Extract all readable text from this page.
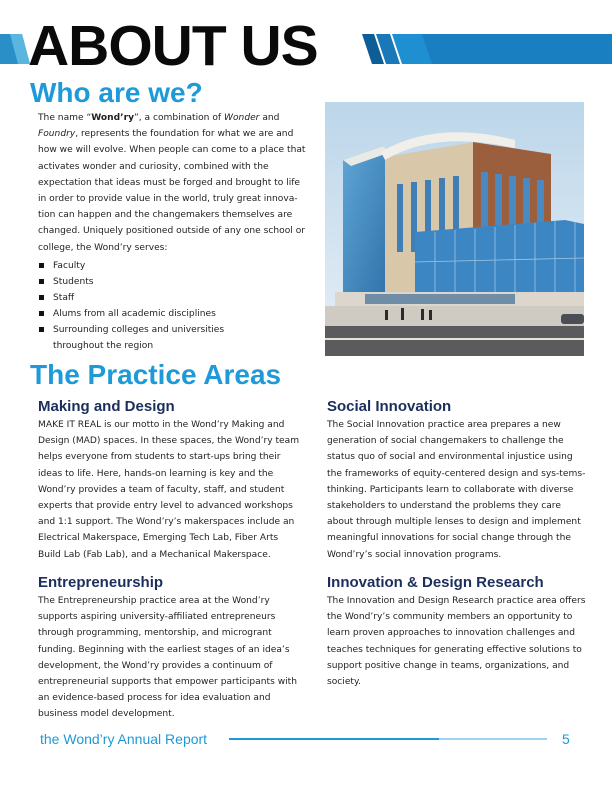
ABOUT US
Who are we?

The name “Wond’ry”, a combination of Wonder and Foundry, represents the foundation for what we are and how we will evolve. When people can come to a place that activates wonder and curiosity, combined with the expectation that ideas must be forged and brought to life in order to provide value in the world, truly great innova-tion can happen and the changemakers themselves are changed. Uniquely positioned outside of any one school or college, the Wond’ry serves:

Faculty
Students
Staff
Alums from all academic disciplines
Surrounding colleges and universities throughout the region
The Practice Areas
Making and Design

MAKE IT REAL is our motto in the Wond’ry Making and Design (MAD) spaces. In these spaces, the Wond’ry team helps everyone from students to start-ups bring their ideas to life. Here, hands-on learning is key and the Wond’ry provides a team of faculty, staff, and student experts that provide entry level to advanced workshops and 1:1 support. The Wond’ry’s makerspaces include an Electrical Makerspace, Emerging Tech Lab, Fiber Arts Build Lab (Fab Lab), and a Mechanical Makerspace.

Social Innovation

The Social Innovation practice area prepares a new generation of social changemakers to challenge the status quo of social and environmental injustice using the frameworks of equity-centered design and sys-tems-thinking. Participants learn to collaborate with diverse stakeholders to understand the problems they care about through multiple lenses to design and implement meaningful innovations for social change through the Wond’ry’s social innovation programs.

Entrepreneurship

The Entrepreneurship practice area at the Wond’ry supports aspiring university-affiliated entrepreneurs through programming, mentorship, and microgrant funding. Beginning with the earliest stages of an idea’s development, the Wond’ry provides a continuum of entrepreneurial supports that empower participants with an evidence-based process for idea evaluation and business model development.

Innovation & Design Research

The Innovation and Design Research practice area offers the Wond’ry’s community members an opportunity to learn proven approaches to innovation challenges and teaches techniques for generating effective solutions to support positive change in teams, organizations, and society.

the Wond’ry Annual Report	5
